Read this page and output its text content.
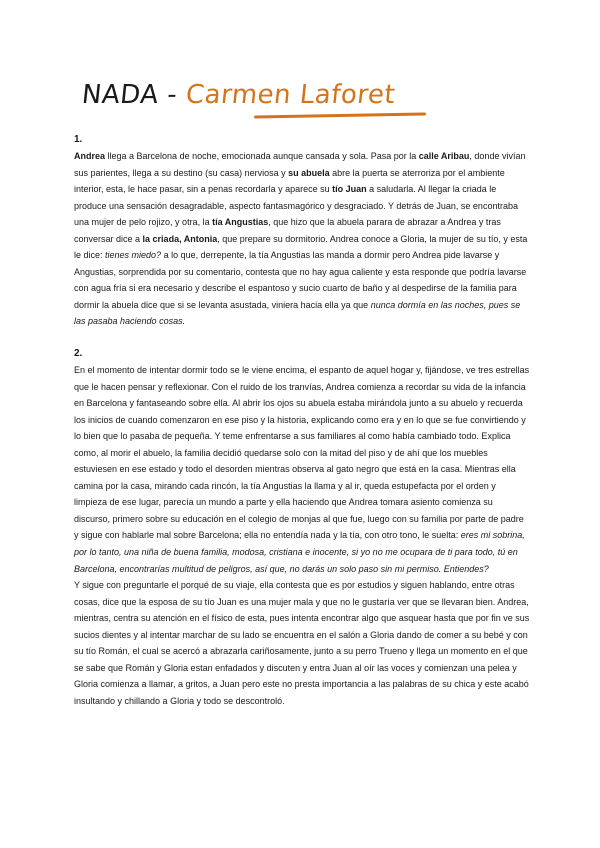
NADA - Carmen Laforet

1.

Andrea llega a Barcelona de noche, emocionada aunque cansada y sola. Pasa por la calle Aribau, donde vivían sus parientes, llega a su destino (su casa) nerviosa y su abuela abre la puerta se aterroriza por el ambiente interior, esta, le hace pasar, sin a penas recordarla y aparece su tío Juan a saludarla. Al llegar la criada le produce una sensación desagradable, aspecto fantasmagórico y desgraciado. Y detrás de Juan, se encontraba una mujer de pelo rojizo, y otra, la tía Angustias, que hizo que la abuela parara de abrazar a Andrea y tras conversar dice a la criada, Antonia, que prepare su dormitorio. Andrea conoce a Gloria, la mujer de su tío, y esta le dice: tienes miedo? a lo que, derrepente, la tía Angustias las manda a dormir pero Andrea pide lavarse y Angustias, sorprendida por su comentario, contesta que no hay agua caliente y esta responde que podría lavarse con agua fría si era necesario y describe el espantoso y sucio cuarto de baño y al despedirse de la familia para dormir la abuela dice que si se levanta asustada, viniera hacia ella ya que nunca dormía en las noches, pues se las pasaba haciendo cosas.

2.

En el momento de intentar dormir todo se le viene encima, el espanto de aquel hogar y, fijándose, ve tres estrellas que le hacen pensar y reflexionar. Con el ruido de los tranvías, Andrea comienza a recordar su vida de la infancia en Barcelona y fantaseando sobre ella. Al abrir los ojos su abuela estaba mirándola junto a su abuelo y recuerda los inicios de cuando comenzaron en ese piso y la historia, explicando como era y en lo que se fue convirtiendo y lo bien que lo pasaba de pequeña. Y teme enfrentarse a sus familiares al como había cambiado todo. Explica como, al morir el abuelo, la familia decidió quedarse solo con la mitad del piso y de ahí que los muebles estuviesen en ese estado y todo el desorden mientras observa al gato negro que está en la casa. Mientras ella camina por la casa, mirando cada rincón, la tía Angustias la llama y al ir, queda estupefacta por el orden y limpieza de ese lugar, parecía un mundo a parte y ella haciendo que Andrea tomara asiento comienza su discurso, primero sobre su educación en el colegio de monjas al que fue, luego con su familia por parte de padre y sigue con hablarle mal sobre Barcelona; ella no entendía nada y la tía, con otro tono, le suelta: eres mi sobrina, por lo tanto, una niña de buena familia, modosa, cristiana e inocente, si yo no me ocupara de ti para todo, tú en Barcelona, encontrarías multitud de peligros, así que, no darás un solo paso sin mi permiso. Entiendes?

Y sigue con preguntarle el porqué de su viaje, ella contesta que es por estudios y siguen hablando, entre otras cosas, dice que la esposa de su tío Juan es una mujer mala y que no le gustaría ver que se llevaran bien. Andrea, mientras, centra su atención en el físico de esta, pues intenta encontrar algo que asquear hasta que por fin ve sus sucios dientes y al intentar marchar de su lado se encuentra en el salón a Gloria dando de comer a su bebé y con su tío Román, el cual se acercó a abrazarla cariñosamente, junto a su perro Trueno y llega un momento en el que se sabe que Román y Gloria estan enfadados y discuten y entra Juan al oír las voces y comienzan una pelea y Gloria comienza a llamar, a gritos, a Juan pero este no presta importancia a las palabras de su chica y este acabó insultando y chillando a Gloria y todo se descontroló.
